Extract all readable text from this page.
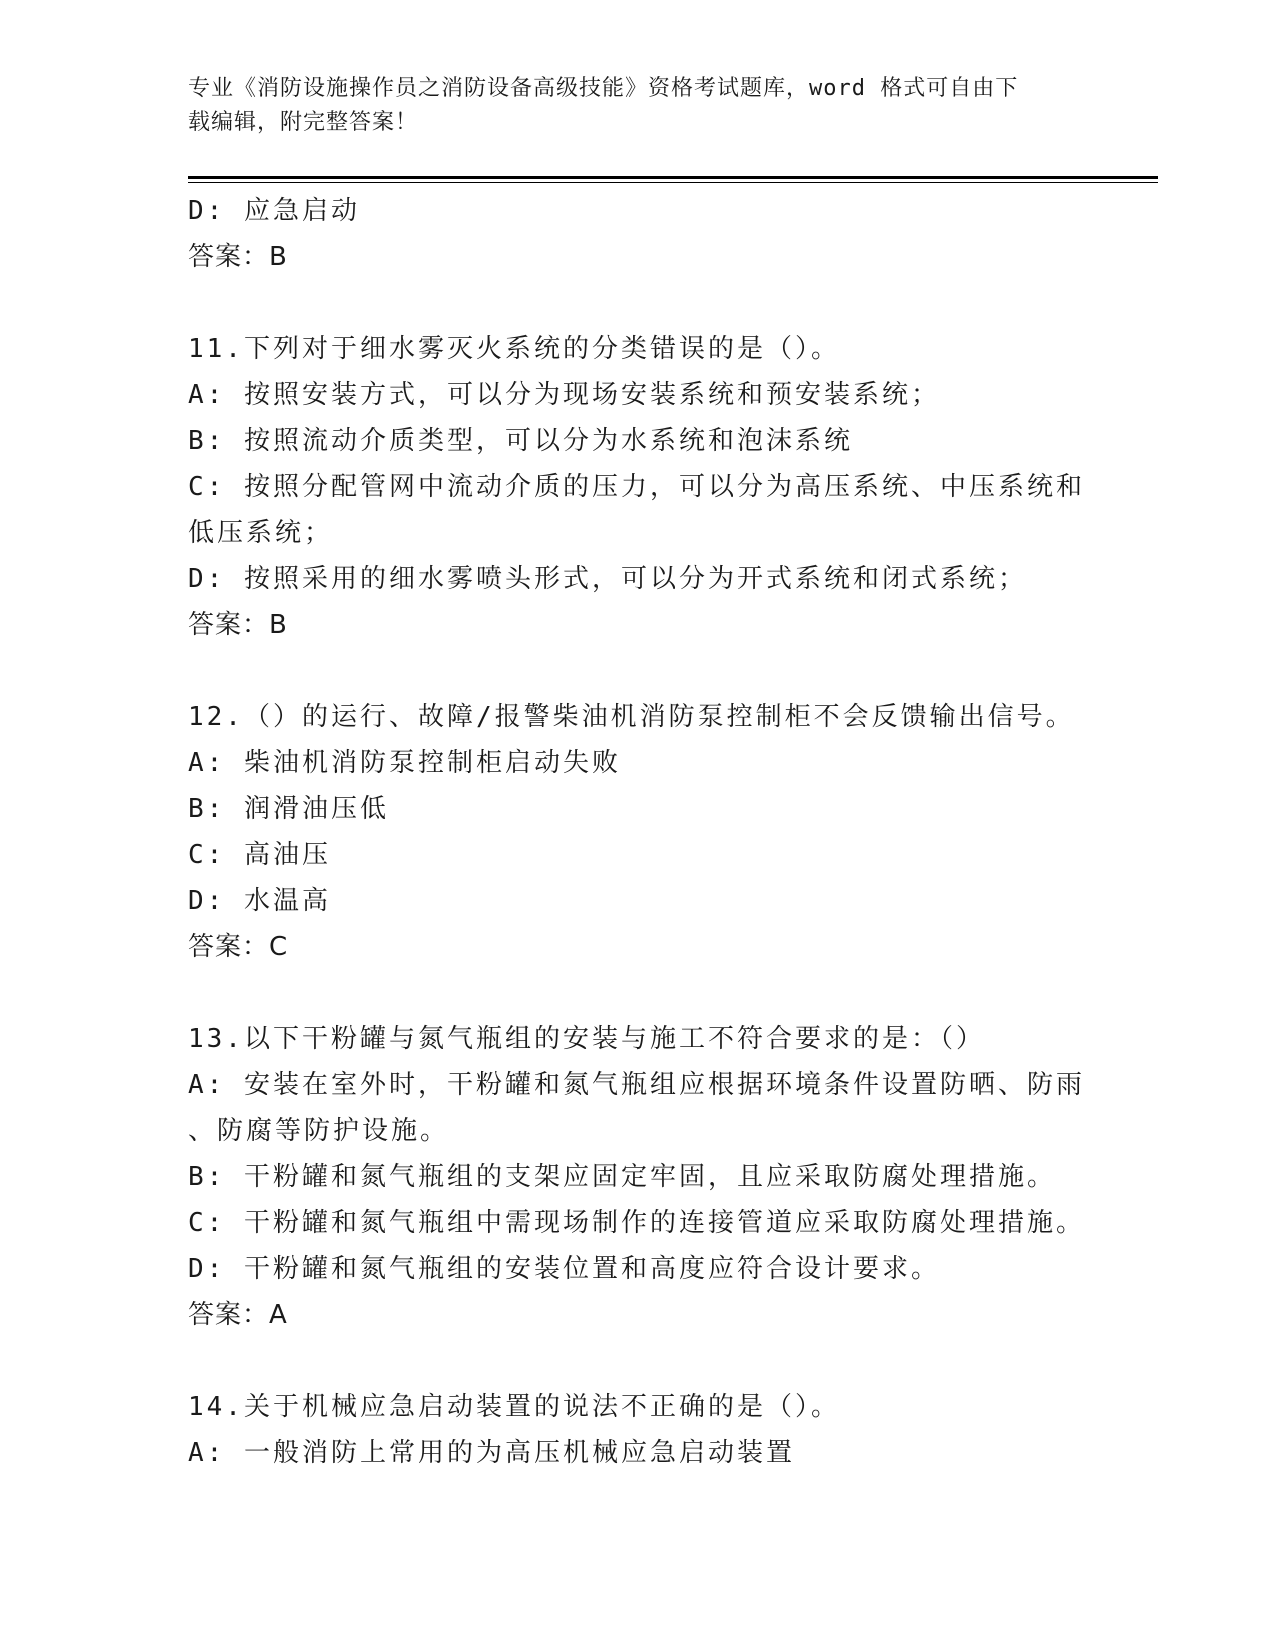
专业《消防设施操作员之消防设备高级技能》资格考试题库，word 格式可自由下
载编辑，附完整答案！
D: 应急启动
答案：B
11.下列对于细水雾灭火系统的分类错误的是（）。
A: 按照安装方式，可以分为现场安装系统和预安装系统；
B: 按照流动介质类型，可以分为水系统和泡沫系统
C: 按照分配管网中流动介质的压力，可以分为高压系统、中压系统和
低压系统；
D: 按照采用的细水雾喷头形式，可以分为开式系统和闭式系统；
答案：B
12.（）的运行、故障/报警柴油机消防泵控制柜不会反馈输出信号。
A: 柴油机消防泵控制柜启动失败
B: 润滑油压低
C: 高油压
D: 水温高
答案：C
13.以下干粉罐与氮气瓶组的安装与施工不符合要求的是：（）
A: 安装在室外时，干粉罐和氮气瓶组应根据环境条件设置防晒、防雨
、防腐等防护设施。
B: 干粉罐和氮气瓶组的支架应固定牢固，且应采取防腐处理措施。
C: 干粉罐和氮气瓶组中需现场制作的连接管道应采取防腐处理措施。
D: 干粉罐和氮气瓶组的安装位置和高度应符合设计要求。
答案：A
14.关于机械应急启动装置的说法不正确的是（）。
A: 一般消防上常用的为高压机械应急启动装置
